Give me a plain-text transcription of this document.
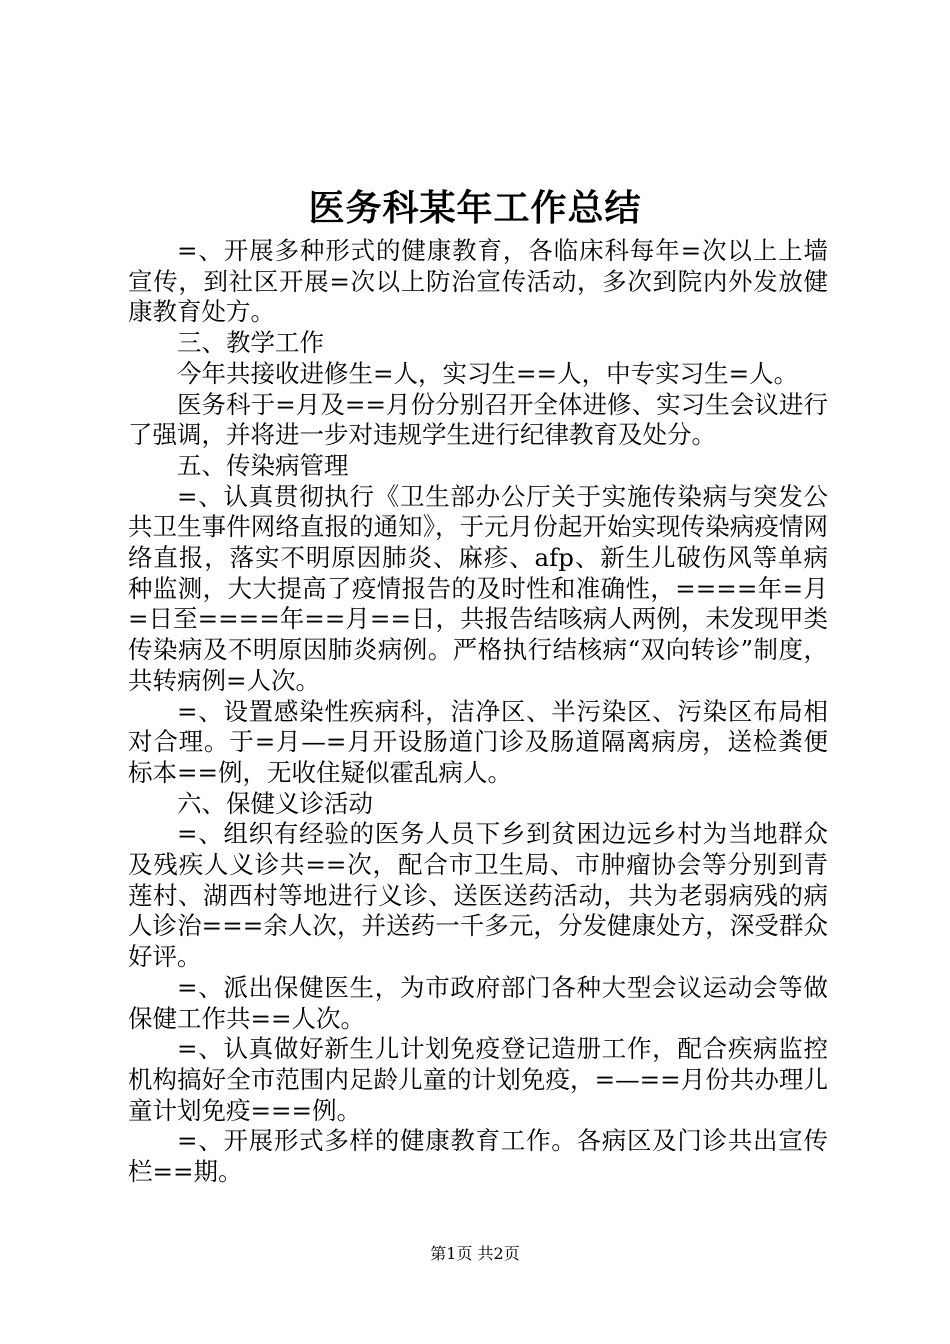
医务科某年工作总结

=、开展多种形式的健康教育，各临床科每年=次以上上墙宣传，到社区开展=次以上防治宣传活动，多次到院内外发放健康教育处方。

三、教学工作

今年共接收进修生=人，实习生==人，中专实习生=人。

医务科于=月及==月份分别召开全体进修、实习生会议进行了强调，并将进一步对违规学生进行纪律教育及处分。

五、传染病管理

=、认真贯彻执行《卫生部办公厅关于实施传染病与突发公共卫生事件网络直报的通知》，于元月份起开始实现传染病疫情网络直报，落实不明原因肺炎、麻疹、afp、新生儿破伤风等单病种监测，大大提高了疫情报告的及时性和准确性，====年=月=日至====年==月==日，共报告结咳病人两例，未发现甲类传染病及不明原因肺炎病例。严格执行结核病“双向转诊”制度，共转病例=人次。

=、设置感染性疾病科，洁净区、半污染区、污染区布局相对合理。于=月—=月开设肠道门诊及肠道隔离病房，送检粪便标本==例，无收住疑似霍乱病人。

六、保健义诊活动

=、组织有经验的医务人员下乡到贫困边远乡村为当地群众及残疾人义诊共==次，配合市卫生局、市肿瘤协会等分别到青莲村、湖西村等地进行义诊、送医送药活动，共为老弱病残的病人诊治===余人次，并送药一千多元，分发健康处方，深受群众好评。

=、派出保健医生，为市政府部门各种大型会议运动会等做保健工作共==人次。

=、认真做好新生儿计划免疫登记造册工作，配合疾病监控机构搞好全市范围内足龄儿童的计划免疫，=—==月份共办理儿童计划免疫===例。

=、开展形式多样的健康教育工作。各病区及门诊共出宣传栏==期。

第1页 共2页
